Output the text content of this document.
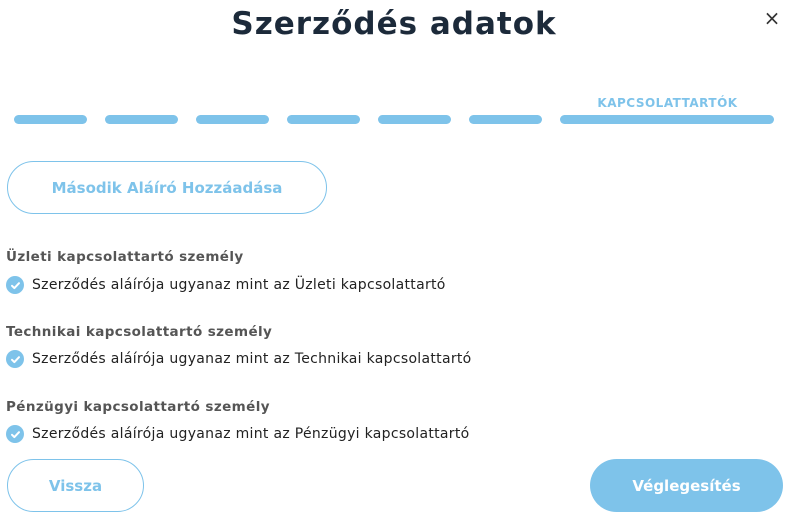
Szerződés adatok	×
KAPCSOLATTARTÓK
Második Aláíró Hozzáadása
Üzleti kapcsolattartó személy
Szerződés aláírója ugyanaz mint az Üzleti kapcsolattartó
Technikai kapcsolattartó személy
Szerződés aláírója ugyanaz mint az Technikai kapcsolattartó
Pénzügyi kapcsolattartó személy
Szerződés aláírója ugyanaz mint az Pénzügyi kapcsolattartó
Vissza	Véglegesítés
